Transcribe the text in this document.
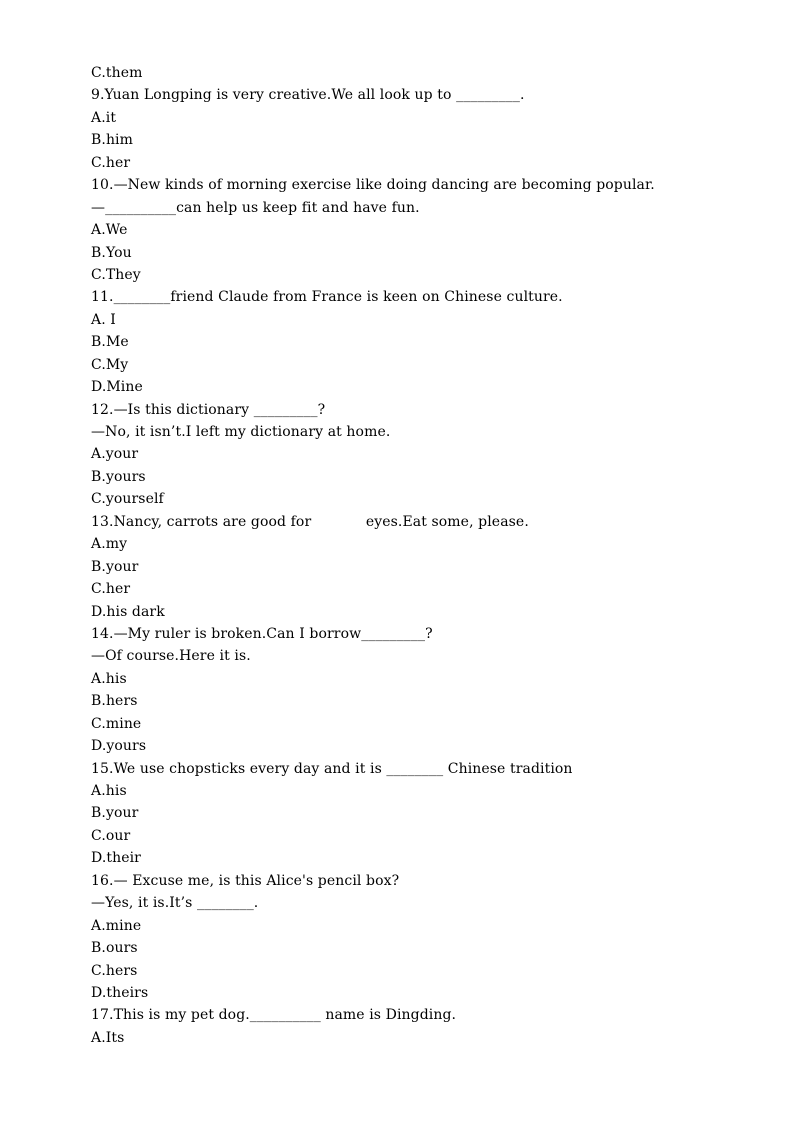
C.them
9.Yuan Longping is very creative.We all look up to _________.
A.it
B.him
C.her
10.—New kinds of morning exercise like doing dancing are becoming popular.
—__________can help us keep fit and have fun.
A.We
B.You
C.They
11.________friend Claude from France is keen on Chinese culture.
A. I
B.Me
C.My
D.Mine
12.—Is this dictionary _________?
—No, it isn’t.I left my dictionary at home.
A.your
B.yours
C.yourself
13.Nancy, carrots are good for            eyes.Eat some, please.
A.my
B.your
C.her
D.his dark
14.—My ruler is broken.Can I borrow_________?
—Of course.Here it is.
A.his
B.hers
C.mine
D.yours
15.We use chopsticks every day and it is ________ Chinese tradition
A.his
B.your
C.our
D.their
16.— Excuse me, is this Alice's pencil box?
—Yes, it is.It’s ________.
A.mine
B.ours
C.hers
D.theirs
17.This is my pet dog.__________ name is Dingding.
A.Its
